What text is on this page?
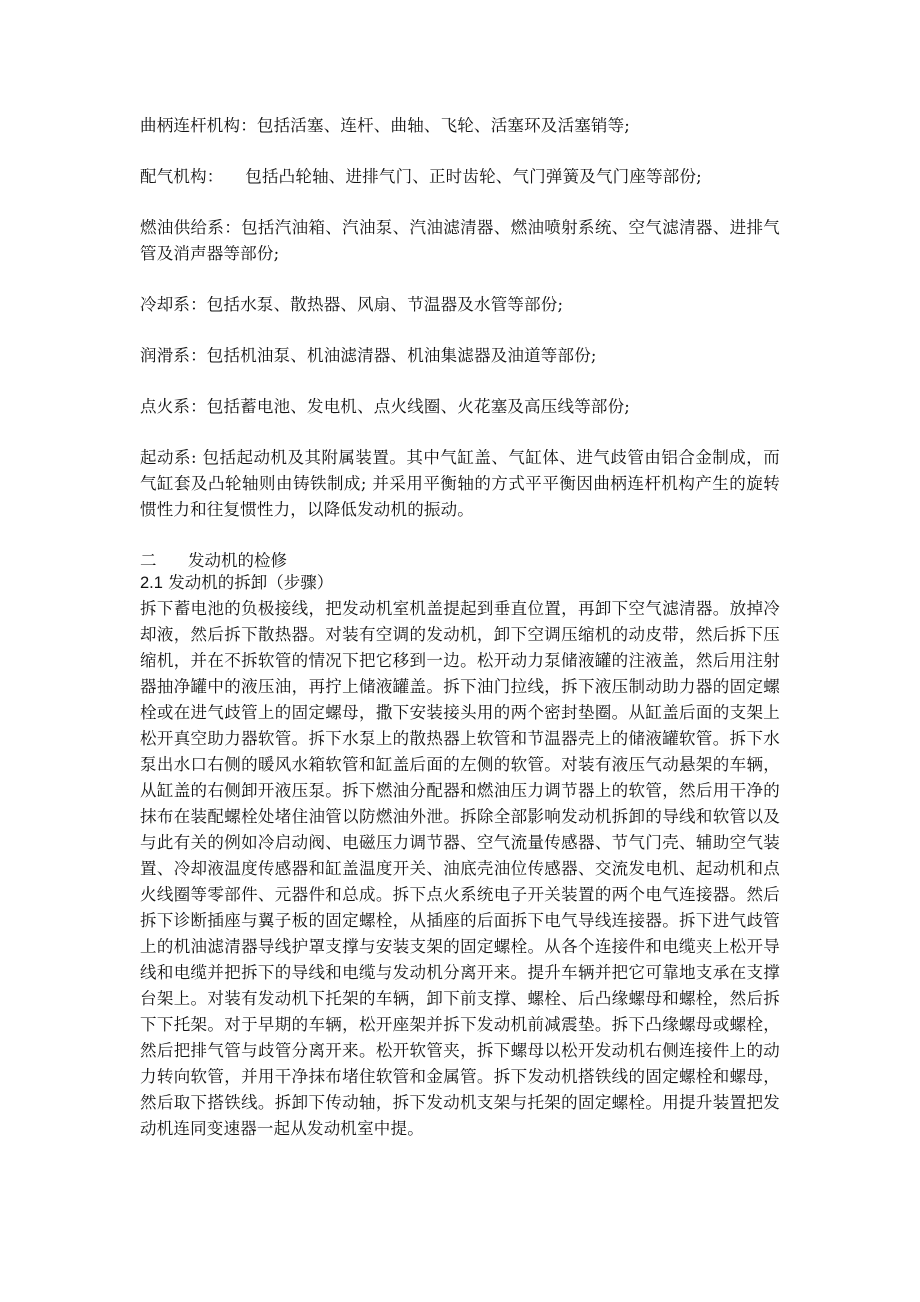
曲柄连杆机构：包括活塞、连杆、曲轴、飞轮、活塞环及活塞销等;

配气机构：    包括凸轮轴、进排气门、正时齿轮、气门弹簧及气门座等部份;

燃油供给系：包括汽油箱、汽油泵、汽油滤清器、燃油喷射系统、空气滤清器、进排气管及消声器等部份;

冷却系：包括水泵、散热器、风扇、节温器及水管等部份;

润滑系：包括机油泵、机油滤清器、机油集滤器及油道等部份;

点火系：包括蓄电池、发电机、点火线圈、火花塞及高压线等部份;

起动系: 包括起动机及其附属装置。其中气缸盖、气缸体、进气歧管由铝合金制成，而气缸套及凸轮轴则由铸铁制成; 并采用平衡轴的方式平平衡因曲柄连杆机构产生的旋转惯性力和往复惯性力，以降低发动机的振动。

二 发动机的检修
2.1 发动机的拆卸（步骤）

拆下蓄电池的负极接线，把发动机室机盖提起到垂直位置，再卸下空气滤清器。放掉冷却液，然后拆下散热器。对装有空调的发动机，卸下空调压缩机的动皮带，然后拆下压缩机，并在不拆软管的情况下把它移到一边。松开动力泵储液罐的注液盖，然后用注射器抽净罐中的液压油，再拧上储液罐盖。拆下油门拉线，拆下液压制动助力器的固定螺栓或在进气歧管上的固定螺母，撒下安装接头用的两个密封垫圈。从缸盖后面的支架上松开真空助力器软管。拆下水泵上的散热器上软管和节温器壳上的储液罐软管。拆下水泵出水口右侧的暖风水箱软管和缸盖后面的左侧的软管。对装有液压气动悬架的车辆，从缸盖的右侧卸开液压泵。拆下燃油分配器和燃油压力调节器上的软管，然后用干净的抹布在装配螺栓处堵住油管以防燃油外泄。拆除全部影响发动机拆卸的导线和软管以及与此有关的例如冷启动阀、电磁压力调节器、空气流量传感器、节气门壳、辅助空气装置、冷却液温度传感器和缸盖温度开关、油底壳油位传感器、交流发电机、起动机和点火线圈等零部件、元器件和总成。拆下点火系统电子开关装置的两个电气连接器。然后拆下诊断插座与翼子板的固定螺栓，从插座的后面拆下电气导线连接器。拆下进气歧管上的机油滤清器导线护罩支撑与安装支架的固定螺栓。从各个连接件和电缆夹上松开导线和电缆并把拆下的导线和电缆与发动机分离开来。提升车辆并把它可靠地支承在支撑台架上。对装有发动机下托架的车辆，卸下前支撑、螺栓、后凸缘螺母和螺栓，然后拆下下托架。对于早期的车辆，松开座架并拆下发动机前减震垫。拆下凸缘螺母或螺栓，然后把排气管与歧管分离开来。松开软管夹，拆下螺母以松开发动机右侧连接件上的动力转向软管，并用干净抹布堵住软管和金属管。拆下发动机搭铁线的固定螺栓和螺母，然后取下搭铁线。拆卸下传动轴，拆下发动机支架与托架的固定螺栓。用提升装置把发动机连同变速器一起从发动机室中提。
